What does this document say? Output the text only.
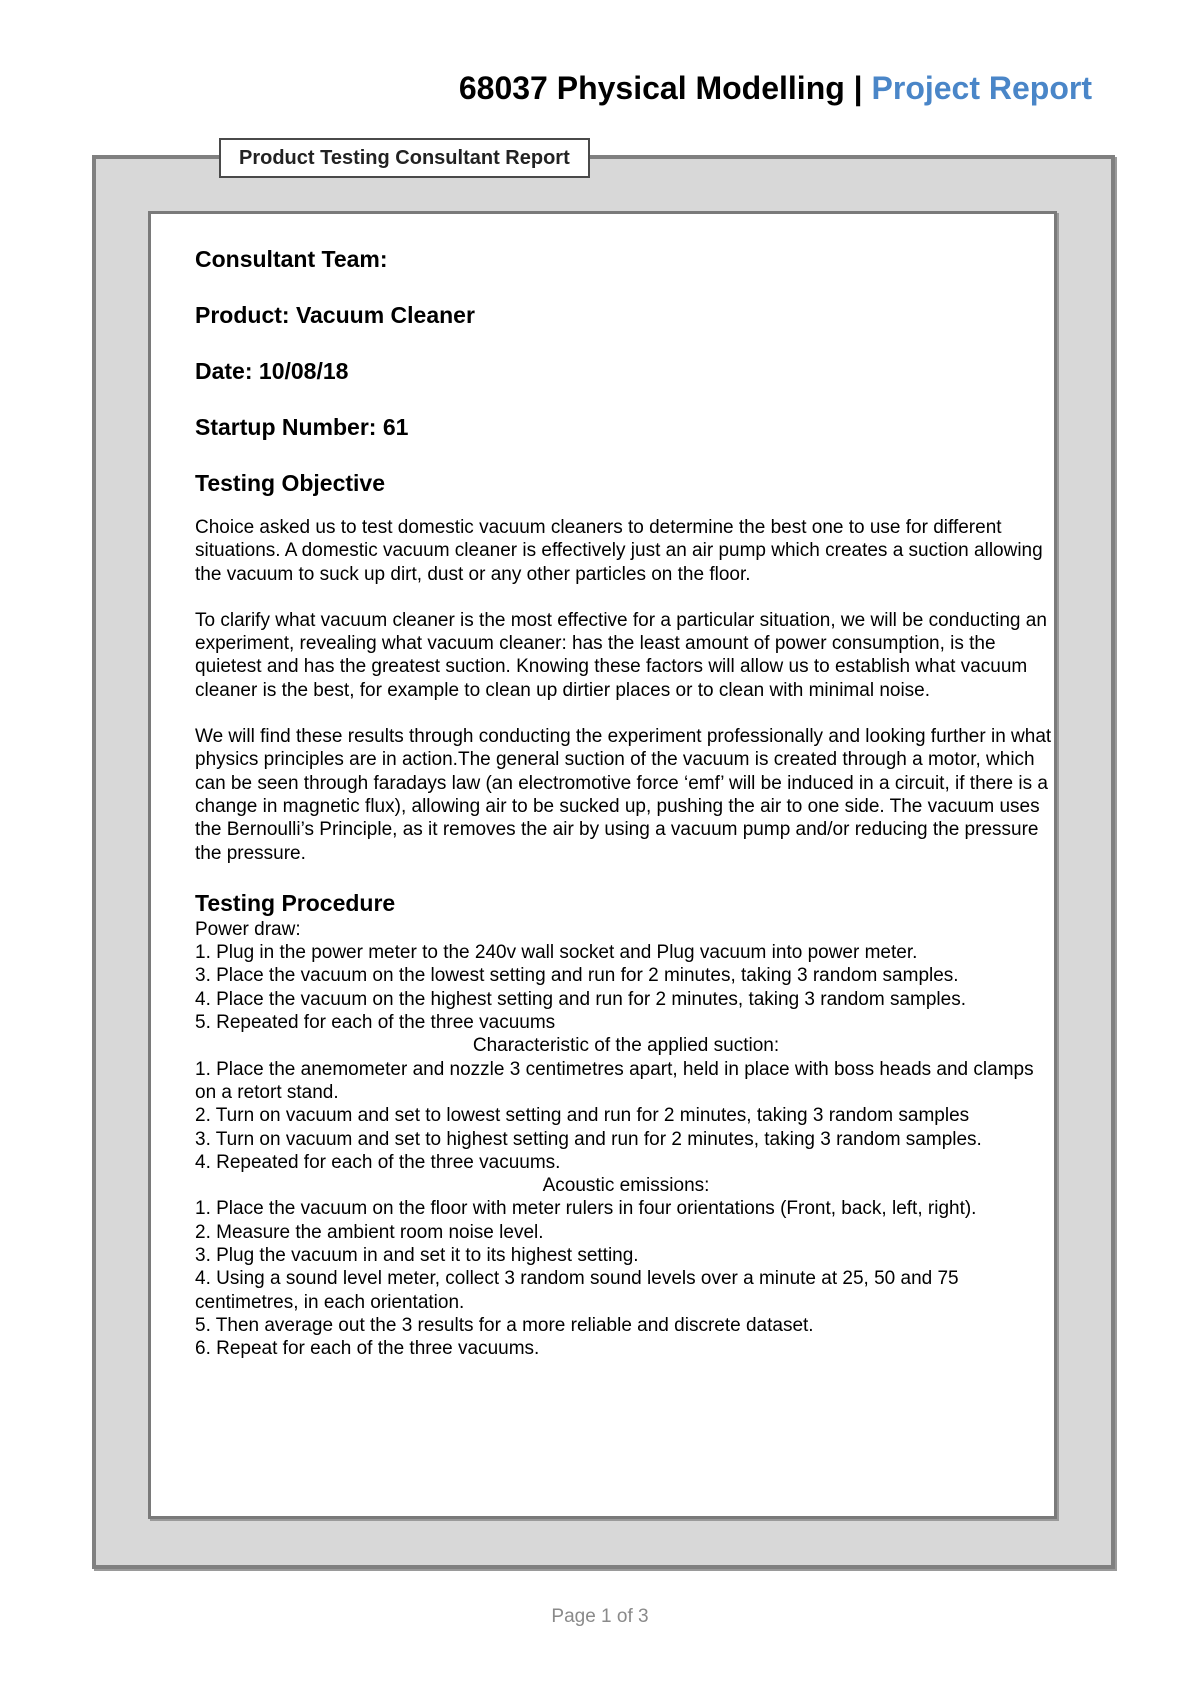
68037 Physical Modelling | Project Report
Product Testing Consultant Report
Consultant Team:
Product: Vacuum Cleaner
Date: 10/08/18
Startup Number: 61
Testing Objective

Choice asked us to test domestic vacuum cleaners to determine the best one to use for different situations. A domestic vacuum cleaner is effectively just an air pump which creates a suction allowing the vacuum to suck up dirt, dust or any other particles on the floor.

To clarify what vacuum cleaner is the most effective for a particular situation, we will be conducting an experiment, revealing what vacuum cleaner: has the least amount of power consumption, is the quietest and has the greatest suction. Knowing these factors will allow us to establish what vacuum cleaner is the best, for example to clean up dirtier places or to clean with minimal noise.

We will find these results through conducting the experiment professionally and looking further in what physics principles are in action.The general suction of the vacuum is created through a motor, which can be seen through faradays law (an electromotive force ‘emf’ will be induced in a circuit, if there is a change in magnetic flux), allowing air to be sucked up, pushing the air to one side. The vacuum uses the Bernoulli’s Principle, as it removes the air by using a vacuum pump and/or reducing the pressure the pressure.

Testing Procedure
Power draw:
1. Plug in the power meter to the 240v wall socket and Plug vacuum into power meter.
3. Place the vacuum on the lowest setting and run for 2 minutes, taking 3 random samples.
4. Place the vacuum on the highest setting and run for 2 minutes, taking 3 random samples.
5. Repeated for each of the three vacuums
Characteristic of the applied suction:
1. Place the anemometer and nozzle 3 centimetres apart, held in place with boss heads and clamps on a retort stand.
2. Turn on vacuum and set to lowest setting and run for 2 minutes, taking 3 random samples
3. Turn on vacuum and set to highest setting and run for 2 minutes, taking 3 random samples.
4. Repeated for each of the three vacuums.
Acoustic emissions:
1. Place the vacuum on the floor with meter rulers in four orientations (Front, back, left, right).
2. Measure the ambient room noise level.
3. Plug the vacuum in and set it to its highest setting.
4. Using a sound level meter, collect 3 random sound levels over a minute at 25, 50 and 75 centimetres, in each orientation.
5. Then average out the 3 results for a more reliable and discrete dataset.
6. Repeat for each of the three vacuums.
Page 1 of 3
